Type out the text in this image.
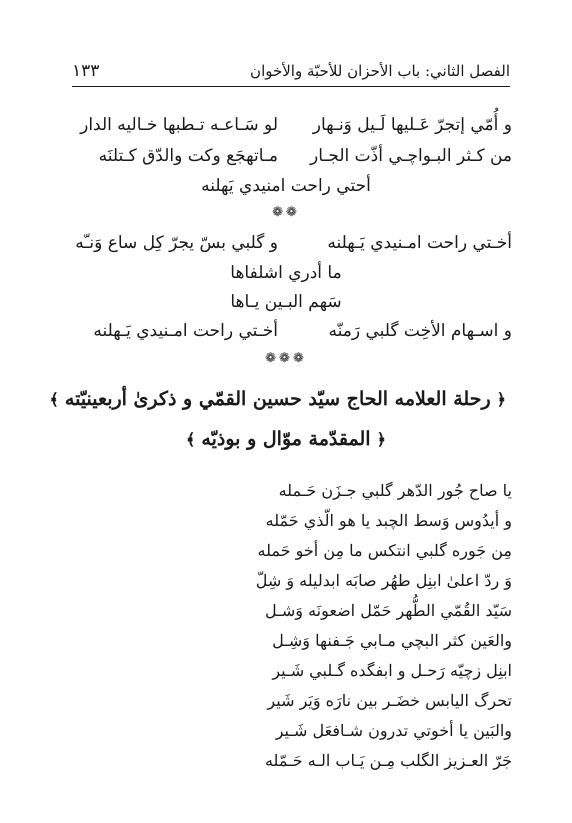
الفصل الثاني: باب الأحزان للأحبّة والأخوان
١٣٣
و أُمّي إتجرّ عَـليها لَـيل وَنـهار
لو سَـاعـه تـطبها خـاليه الدار
من كـثر البـواچـي أذّت الجـار
مـاتهجَع وكت والدّق كـتلنَه
أحتي راحت امنيدي يَهلنه
❁❁
أخـتي راحت امـنيدي يَـهلنه
و گلبي بسّ يجرّ كِل ساع وَنـّه
ما أدري اشلفاها
سَهم البـين يـاها
و اسـهام الأخِت گلبي رَمنّه
أخـتي راحت امـنيدي يَـهلنه
❁❁❁
﴿رحلة العلامه الحاج سيّد حسين القمّي و ذكرىٰ أربعينيّته﴾
﴿المقدّمة موّال و بوذيّه﴾
يا صاح جُور الدّهر گلبي جـزَن حَـمله
و أيدُوس وَسط الچبد يا هو الّذي حَمّله
مِن جَوره گلبي انتكس ما مِن أخو حَمله
وَ ردّ اعلىٰ ابنِل طهُر صابَه ابدليله وَ شِلّ
سَيّد القُمّي الطُّهر حَمّل اضعونَه وَشـل
والعَين كثر البچي مـابي جَـفنها وَشِـل
ابنِل زچيّه رَحـل و ابفگده گـلبي شَـير
تحرگ اليابس خضَـر بين نارَه وَيَر شَير
والبَين يا أخوتي تدرون شـافعَل شَـير
جَرّ العـزيز الگلب مِـن يَـاب الـه حَـمّله
